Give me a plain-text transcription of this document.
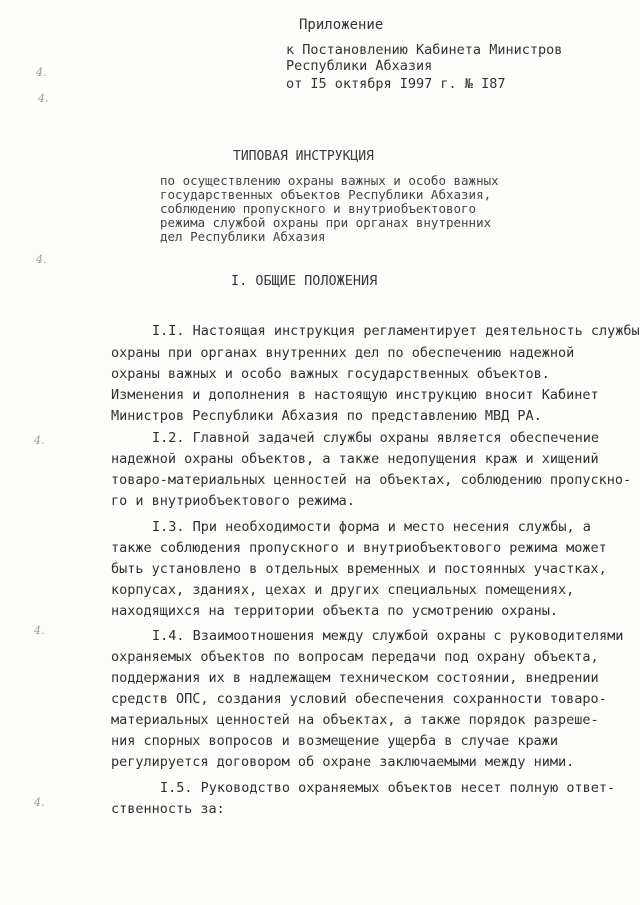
Приложение
к Постановлению Кабинета Министров
Республики Абхазия
от I5 октября I997 г. № I87
ТИПОВАЯ ИНСТРУКЦИЯ
по осуществлению охраны важных и особо важных
государственных объектов Республики Абхазия,
соблюдению пропускного и внутриобъектового
режима службой охраны при органах внутренних
дел Республики Абхазия
I. ОБЩИЕ ПОЛОЖЕНИЯ
I.I. Настоящая инструкция регламентирует деятельность службы
охраны при органах внутренних дел по обеспечению надежной
охраны важных и особо важных государственных объектов.
Изменения и дополнения в настоящую инструкцию вносит Кабинет
Министров Республики Абхазия по представлению МВД РА.
I.2. Главной задачей службы охраны является обеспечение
надежной охраны объектов, а также недопущения краж и хищений
товаро-материальных ценностей на объектах, соблюдению пропускно-
го и внутриобъектового режима.
I.3. При необходимости форма и место несения службы, а
также соблюдения пропускного и внутриобъектового режима может
быть установлено в отдельных временных и постоянных участках,
корпусах, зданиях, цехах и других специальных помещениях,
находящихся на территории объекта по усмотрению охраны.
I.4. Взаимоотношения между службой охраны с руководителями
охраняемых объектов по вопросам передачи под охрану объекта,
поддержания их в надлежащем техническом состоянии, внедрении
средств ОПС, создания условий обеспечения сохранности товаро-
материальных ценностей на объектах, а также порядок разреше-
ния спорных вопросов и возмещение ущерба в случае кражи
регулируется договором об охране заключаемыми между ними.
I.5. Руководство охраняемых объектов несет полную ответ-
ственность за:
4.
4.
4.
4.
4.
4.
